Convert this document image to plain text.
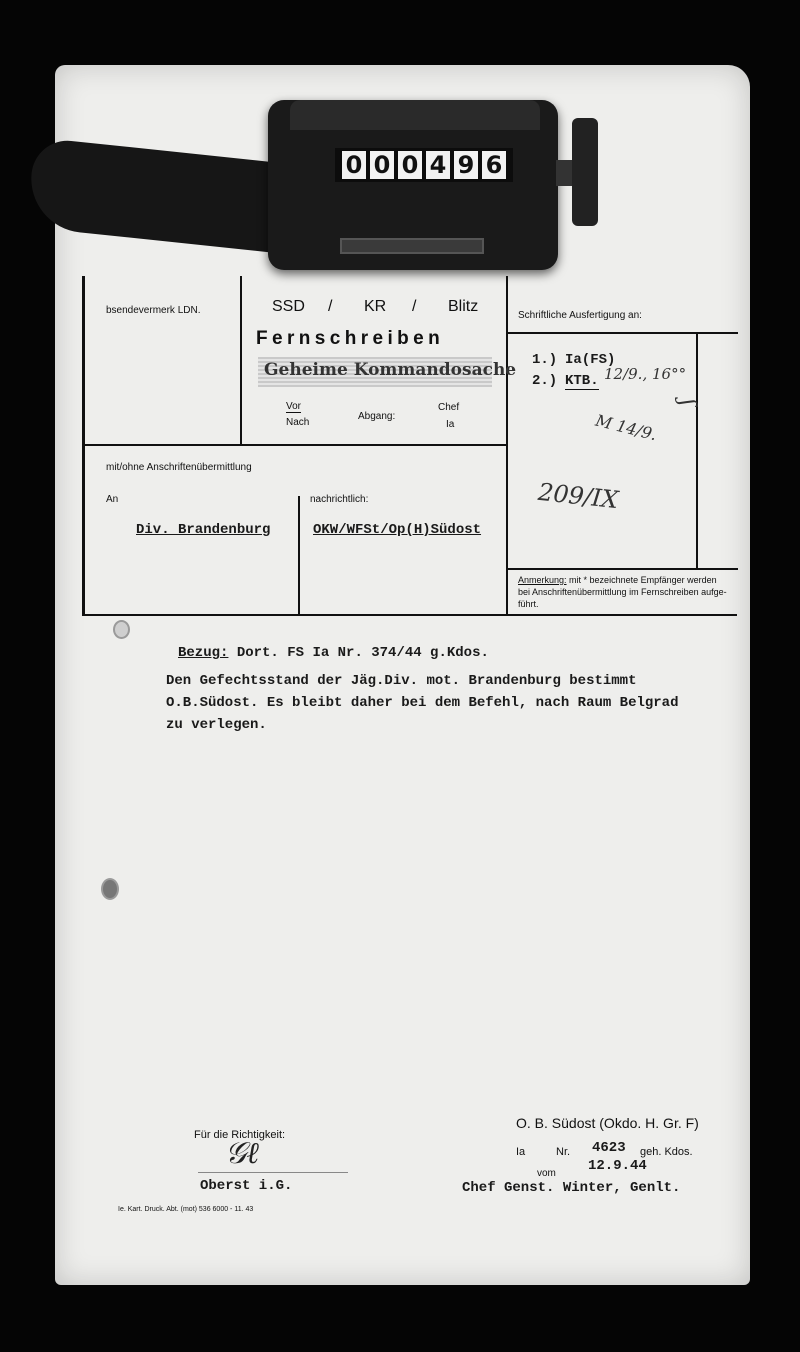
0 0 0 4 9 6
bsendevermerk LDN.	SSD / KR / Blitz
Fernschreiben
Geheime Kommandosache
Vor
Nach
Abgang:
Chef
Ia
Schriftliche Ausfertigung an:
1.) Ia(FS)
2.) KTB. 12/9., 16°°
M 14/9.
209/IX
ʃ
mit/ohne Anschriftenübermittlung
An
Div. Brandenburg
nachrichtlich:
OKW/WFSt/Op(H)Südost
Anmerkung: mit * bezeichnete Empfänger werden
bei Anschriftenübermittlung im Fernschreiben aufge-
führt.
Bezug: Dort. FS Ia Nr. 374/44 g.Kdos.
Den Gefechtsstand der Jäg.Div. mot. Brandenburg bestimmt
O.B.Südost. Es bleibt daher bei dem Befehl, nach Raum Belgrad
zu verlegen.
Für die Richtigkeit:
𝒢ℓ
Oberst i.G.
Ie. Kart. Druck. Abt. (mot) 536 6000 - 11. 43
O. B. Südost (Okdo. H. Gr. F)
Ia	Nr. 4623 geh. Kdos.
vom 12.9.44
Chef Genst. Winter, Genlt.
